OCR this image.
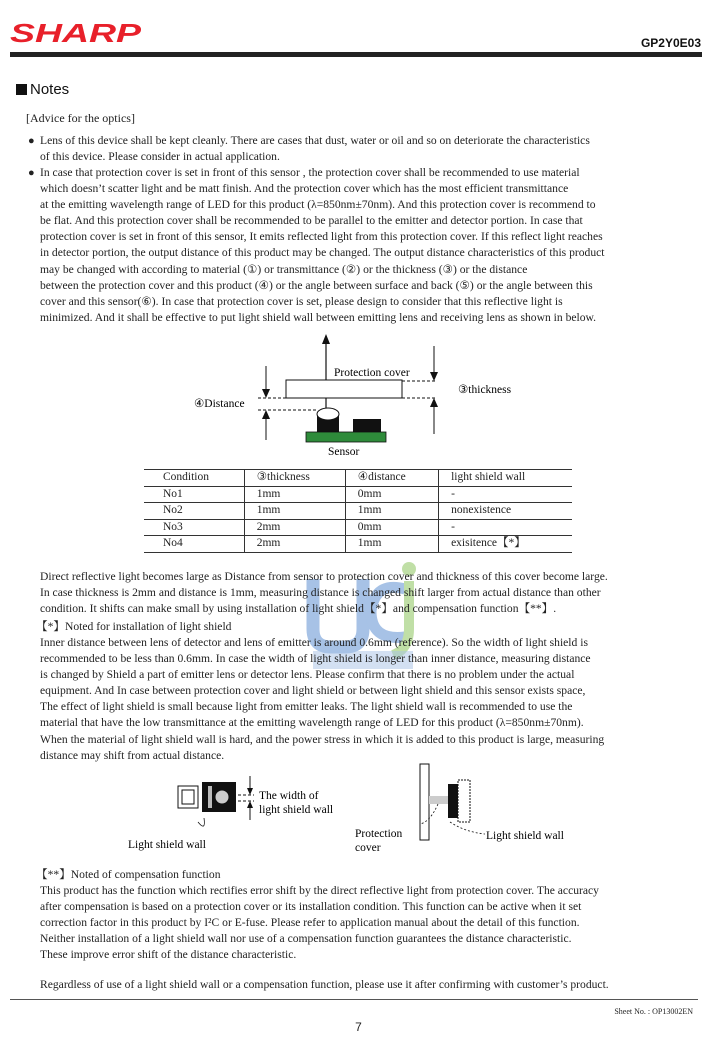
SHARP	GP2Y0E03
Notes
[Advice for the optics]
● Lens of this device shall be kept cleanly. There are cases that dust, water or oil and so on deteriorate the characteristics
of this device. Please consider in actual application.
● In case that protection cover is set in front of this sensor , the protection cover shall be recommended to use material
which doesn’t scatter light and be matt finish. And the protection cover which has the most efficient transmittance
at the emitting wavelength range of LED for this product (λ=850nm±70nm). And this protection cover is recommend to
be flat. And this protection cover shall be recommended to be parallel to the emitter and detector portion. In case that
protection cover is set in front of this sensor, It emits reflected light from this protection cover. If this reflect light reaches
in detector portion, the output distance of this product may be changed. The output distance characteristics of this product
may be changed with according to material (①) or transmittance (②) or the thickness (③) or the distance
between the protection cover and this product (④) or the angle between surface and back (⑤) or the angle between this
cover and this sensor(⑥). In case that protection cover is set, please design to consider that this reflective light is
minimized. And it shall be effective to put light shield wall between emitting lens and receiving lens as shown in below.
Protection cover
③thickness
④Distance
Sensor
Condition	③thickness	④distance	light shield wall
No1	1mm	0mm	-
No2	1mm	1mm	nonexistence
No3	2mm	0mm	-
No4	2mm	1mm	exisitence【*】
Direct reflective light becomes large as Distance from sensor to protection cover and thickness of this cover become large.
In case thickness is 2mm and distance is 1mm, measuring distance is changed shift larger from actual distance than other
condition. It shifts can make small by using installation of light shield【*】and compensation function【**】.
【*】Noted for installation of light shield
Inner distance between lens of detector and lens of emitter is around 0.6mm (reference). So the width of light shield is
recommended to be less than 0.6mm. In case the width of light shield is longer than inner distance, measuring distance
is changed by Shield a part of emitter lens or detector lens. Please confirm that there is no problem under the actual
equipment. And In case between protection cover and light shield or between light shield and this sensor exists space,
The effect of light shield is small because light from emitter leaks. The light shield wall is recommended to use the
material that have the low transmittance at the emitting wavelength range of LED for this product (λ=850nm±70nm).
When the material of light shield wall is hard, and the power stress in which it is added to this product is large, measuring
distance may shift from actual distance.
The width of
light shield wall
Light shield wall
Protection
cover
Light shield wall
【**】Noted of compensation function
This product has the function which rectifies error shift by the direct reflective light from protection cover. The accuracy
after compensation is based on a protection cover or its installation condition. This function can be active when it set
correction factor in this product by I²C or E-fuse. Please refer to application manual about the detail of this function.
Neither installation of a light shield wall nor use of a compensation function guarantees the distance characteristic.
These improve error shift of the distance characteristic.
Regardless of use of a light shield wall or a compensation function, please use it after confirming with customer’s product.
Sheet No. : OP13002EN
7
